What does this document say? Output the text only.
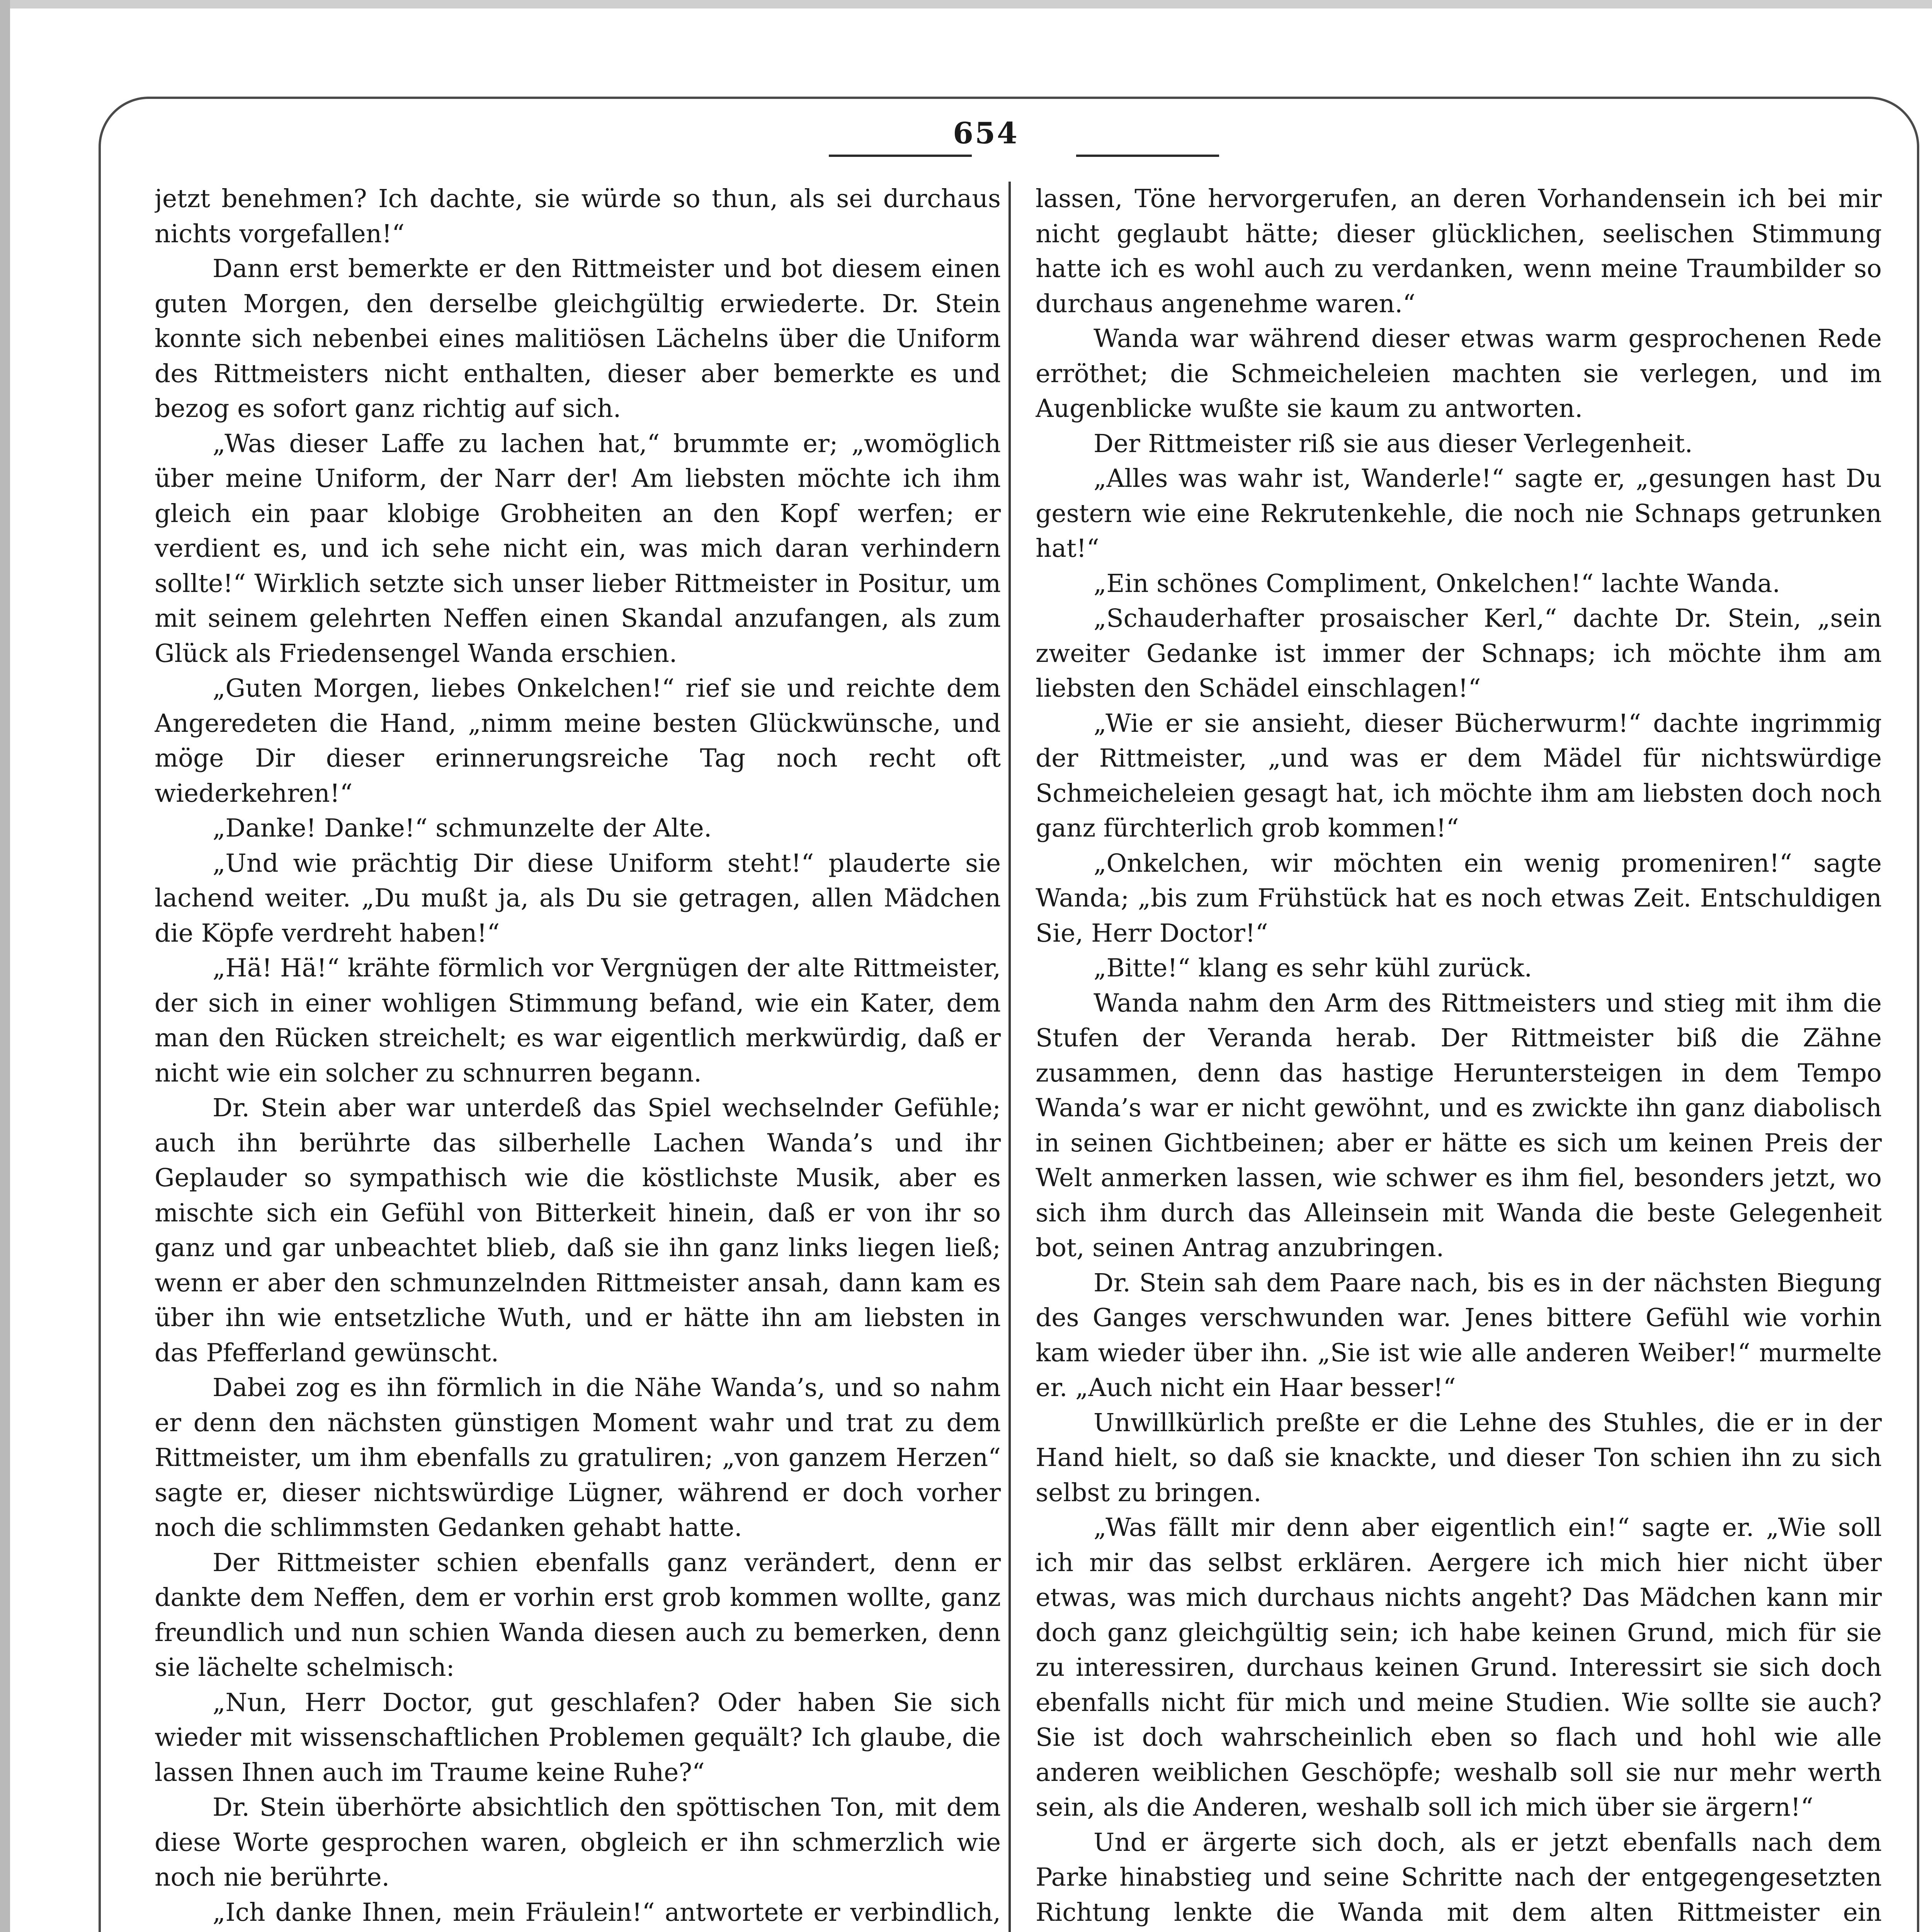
654

jetzt benehmen? Ich dachte, sie würde so thun, als sei durchaus nichts vorgefallen!“

Dann erst bemerkte er den Rittmeister und bot diesem einen guten Morgen, den derselbe gleichgültig erwiederte. Dr. Stein konnte sich nebenbei eines malitiösen Lächelns über die Uniform des Rittmeisters nicht enthalten, dieser aber bemerkte es und bezog es sofort ganz richtig auf sich.

„Was dieser Laffe zu lachen hat,“ brummte er; „womöglich über meine Uniform, der Narr der! Am liebsten möchte ich ihm gleich ein paar klobige Grobheiten an den Kopf werfen; er verdient es, und ich sehe nicht ein, was mich daran verhindern sollte!“ Wirklich setzte sich unser lieber Rittmeister in Positur, um mit seinem gelehrten Neffen einen Skandal anzufangen, als zum Glück als Friedensengel Wanda erschien.

„Guten Morgen, liebes Onkelchen!“ rief sie und reichte dem Angeredeten die Hand, „nimm meine besten Glückwünsche, und möge Dir dieser erinnerungsreiche Tag noch recht oft wiederkehren!“

„Danke! Danke!“ schmunzelte der Alte.

„Und wie prächtig Dir diese Uniform steht!“ plauderte sie lachend weiter. „Du mußt ja, als Du sie getragen, allen Mädchen die Köpfe verdreht haben!“

„Hä! Hä!“ krähte förmlich vor Vergnügen der alte Rittmeister, der sich in einer wohligen Stimmung befand, wie ein Kater, dem man den Rücken streichelt; es war eigentlich merkwürdig, daß er nicht wie ein solcher zu schnurren begann.

Dr. Stein aber war unterdeß das Spiel wechselnder Gefühle; auch ihn berührte das silberhelle Lachen Wanda’s und ihr Geplauder so sympathisch wie die köstlichste Musik, aber es mischte sich ein Gefühl von Bitterkeit hinein, daß er von ihr so ganz und gar unbeachtet blieb, daß sie ihn ganz links liegen ließ; wenn er aber den schmunzelnden Rittmeister ansah, dann kam es über ihn wie entsetzliche Wuth, und er hätte ihn am liebsten in das Pfefferland gewünscht.

Dabei zog es ihn förmlich in die Nähe Wanda’s, und so nahm er denn den nächsten günstigen Moment wahr und trat zu dem Rittmeister, um ihm ebenfalls zu gratuliren; „von ganzem Herzen“ sagte er, dieser nichtswürdige Lügner, während er doch vorher noch die schlimmsten Gedanken gehabt hatte.

Der Rittmeister schien ebenfalls ganz verändert, denn er dankte dem Neffen, dem er vorhin erst grob kommen wollte, ganz freundlich und nun schien Wanda diesen auch zu bemerken, denn sie lächelte schelmisch:

„Nun, Herr Doctor, gut geschlafen? Oder haben Sie sich wieder mit wissenschaftlichen Problemen gequält? Ich glaube, die lassen Ihnen auch im Traume keine Ruhe?“

Dr. Stein überhörte absichtlich den spöttischen Ton, mit dem diese Worte gesprochen waren, obgleich er ihn schmerzlich wie noch nie berührte.

„Ich danke Ihnen, mein Fräulein!“ antwortete er verbindlich,

lassen, Töne hervorgerufen, an deren Vorhandensein ich bei mir nicht geglaubt hätte; dieser glücklichen, seelischen Stimmung hatte ich es wohl auch zu verdanken, wenn meine Traumbilder so durchaus angenehme waren.“

Wanda war während dieser etwas warm gesprochenen Rede erröthet; die Schmeicheleien machten sie verlegen, und im Augenblicke wußte sie kaum zu antworten.

Der Rittmeister riß sie aus dieser Verlegenheit.

„Alles was wahr ist, Wanderle!“ sagte er, „gesungen hast Du gestern wie eine Rekrutenkehle, die noch nie Schnaps getrunken hat!“

„Ein schönes Compliment, Onkelchen!“ lachte Wanda.

„Schauderhafter prosaischer Kerl,“ dachte Dr. Stein, „sein zweiter Gedanke ist immer der Schnaps; ich möchte ihm am liebsten den Schädel einschlagen!“

„Wie er sie ansieht, dieser Bücherwurm!“ dachte ingrimmig der Rittmeister, „und was er dem Mädel für nichtswürdige Schmeicheleien gesagt hat, ich möchte ihm am liebsten doch noch ganz fürchterlich grob kommen!“

„Onkelchen, wir möchten ein wenig promeniren!“ sagte Wanda; „bis zum Frühstück hat es noch etwas Zeit. Entschuldigen Sie, Herr Doctor!“

„Bitte!“ klang es sehr kühl zurück.

Wanda nahm den Arm des Rittmeisters und stieg mit ihm die Stufen der Veranda herab. Der Rittmeister biß die Zähne zusammen, denn das hastige Heruntersteigen in dem Tempo Wanda’s war er nicht gewöhnt, und es zwickte ihn ganz diabolisch in seinen Gichtbeinen; aber er hätte es sich um keinen Preis der Welt anmerken lassen, wie schwer es ihm fiel, besonders jetzt, wo sich ihm durch das Alleinsein mit Wanda die beste Gelegenheit bot, seinen Antrag anzubringen.

Dr. Stein sah dem Paare nach, bis es in der nächsten Biegung des Ganges verschwunden war. Jenes bittere Gefühl wie vorhin kam wieder über ihn. „Sie ist wie alle anderen Weiber!“ murmelte er. „Auch nicht ein Haar besser!“

Unwillkürlich preßte er die Lehne des Stuhles, die er in der Hand hielt, so daß sie knackte, und dieser Ton schien ihn zu sich selbst zu bringen.

„Was fällt mir denn aber eigentlich ein!“ sagte er. „Wie soll ich mir das selbst erklären. Aergere ich mich hier nicht über etwas, was mich durchaus nichts angeht? Das Mädchen kann mir doch ganz gleichgültig sein; ich habe keinen Grund, mich für sie zu interessiren, durchaus keinen Grund. Interessirt sie sich doch ebenfalls nicht für mich und meine Studien. Wie sollte sie auch? Sie ist doch wahrscheinlich eben so flach und hohl wie alle anderen weiblichen Geschöpfe; weshalb soll sie nur mehr werth sein, als die Anderen, weshalb soll ich mich über sie ärgern!“

Und er ärgerte sich doch, als er jetzt ebenfalls nach dem Parke hinabstieg und seine Schritte nach der entgegengesetzten Richtung lenkte die Wanda mit dem alten Rittmeister ein
